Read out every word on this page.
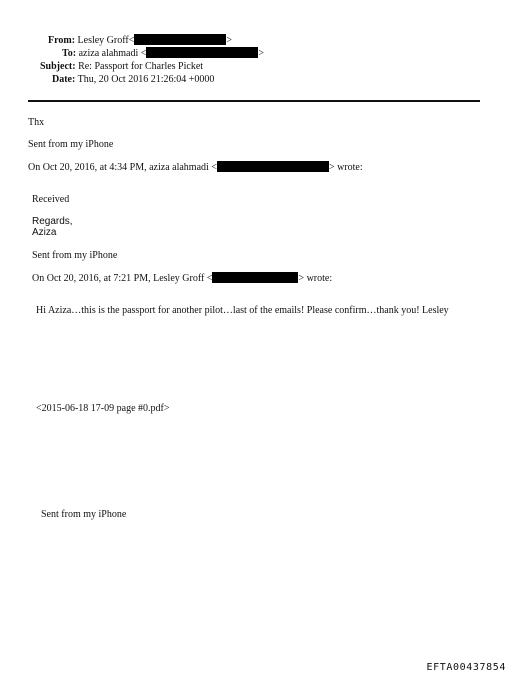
From: Lesley Groff<	>
To: aziza alahmadi <	>
Subject: Re: Passport for Charles Picket
Date: Thu, 20 Oct 2016 21:26:04 +0000
Thx
Sent from my iPhone
On Oct 20, 2016, at 4:34 PM, aziza alahmadi <	> wrote:
Received
Regards,
Aziza
Sent from my iPhone
On Oct 20, 2016, at 7:21 PM, Lesley Groff <	> wrote:
Hi Aziza…this is the passport for another pilot…last of the emails! Please confirm…thank you! Lesley
<2015-06-18 17-09 page #0.pdf>
Sent from my iPhone
EFTA00437854
